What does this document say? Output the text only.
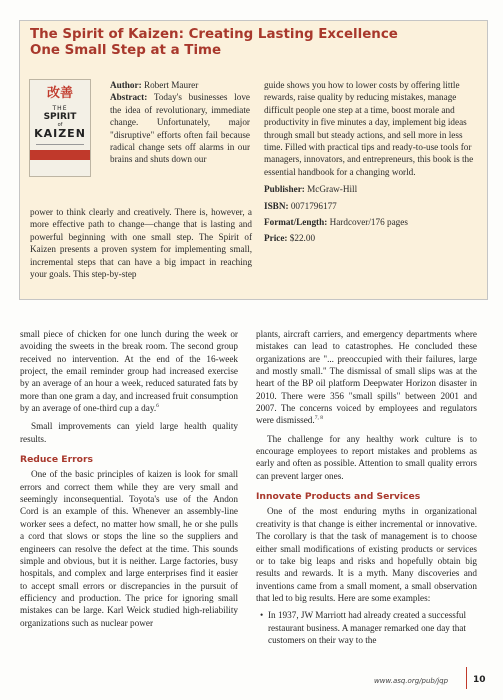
The Spirit of Kaizen: Creating Lasting Excellence
One Small Step at a Time
改善
THE
SPIRIT
of
KAIZEN

Author: Robert Maurer

Abstract: Today's businesses love the idea of revolutionary, immediate change. Unfortunately, major "disruptive" efforts often fail because radical change sets off alarms in our brains and shuts down our

power to think clearly and creatively. There is, however, a more effective path to change—change that is lasting and powerful beginning with one small step. The Spirit of Kaizen presents a proven system for implementing small, incremental steps that can have a big impact in reaching your goals. This step-by-step

guide shows you how to lower costs by offering little rewards, raise quality by reducing mistakes, manage difficult people one step at a time, boost morale and productivity in five minutes a day, implement big ideas through small but steady actions, and sell more in less time. Filled with practical tips and ready-to-use tools for managers, innovators, and entrepreneurs, this book is the essential handbook for a changing world.

Publisher: McGraw-Hill

ISBN: 0071796177

Format/Length: Hardcover/176 pages

Price: $22.00

small piece of chicken for one lunch during the week or avoiding the sweets in the break room. The second group received no intervention. At the end of the 16-week project, the email reminder group had increased exercise by an average of an hour a week, reduced saturated fats by more than one gram a day, and increased fruit consumption by an average of one-third cup a day.$^6$

Small improvements can yield large health quality results.

Reduce Errors

One of the basic principles of kaizen is look for small errors and correct them while they are very small and seemingly inconsequential. Toyota's use of the Andon Cord is an example of this. Whenever an assembly-line worker sees a defect, no matter how small, he or she pulls a cord that slows or stops the line so the suppliers and engineers can resolve the defect at the time. This sounds simple and obvious, but it is neither. Large factories, busy hospitals, and complex and large enterprises find it easier to accept small errors or discrepancies in the pursuit of efficiency and production. The price for ignoring small mistakes can be large. Karl Weick studied high-reliability organizations such as nuclear power

plants, aircraft carriers, and emergency departments where mistakes can lead to catastrophes. He concluded these organizations are "... preoccupied with their failures, large and mostly small." The dismissal of small slips was at the heart of the BP oil platform Deepwater Horizon disaster in 2010. There were 356 "small spills" between 2001 and 2007. The concerns voiced by employees and regulators were dismissed.$^{7, 8}$

The challenge for any healthy work culture is to encourage employees to report mistakes and problems as early and often as possible. Attention to small quality errors can prevent larger ones.

Innovate Products and Services

One of the most enduring myths in organizational creativity is that change is either incremental or innovative. The corollary is that the task of management is to choose either small modifications of existing products or services or to take big leaps and risks and hopefully obtain big results and rewards. It is a myth. Many discoveries and inventions came from a small moment, a small observation that led to big results. Here are some examples:

• In 1937, JW Marriott had already created a successful restaurant business. A manager remarked one day that customers on their way to the

www.asq.org/pub/jqp	10
